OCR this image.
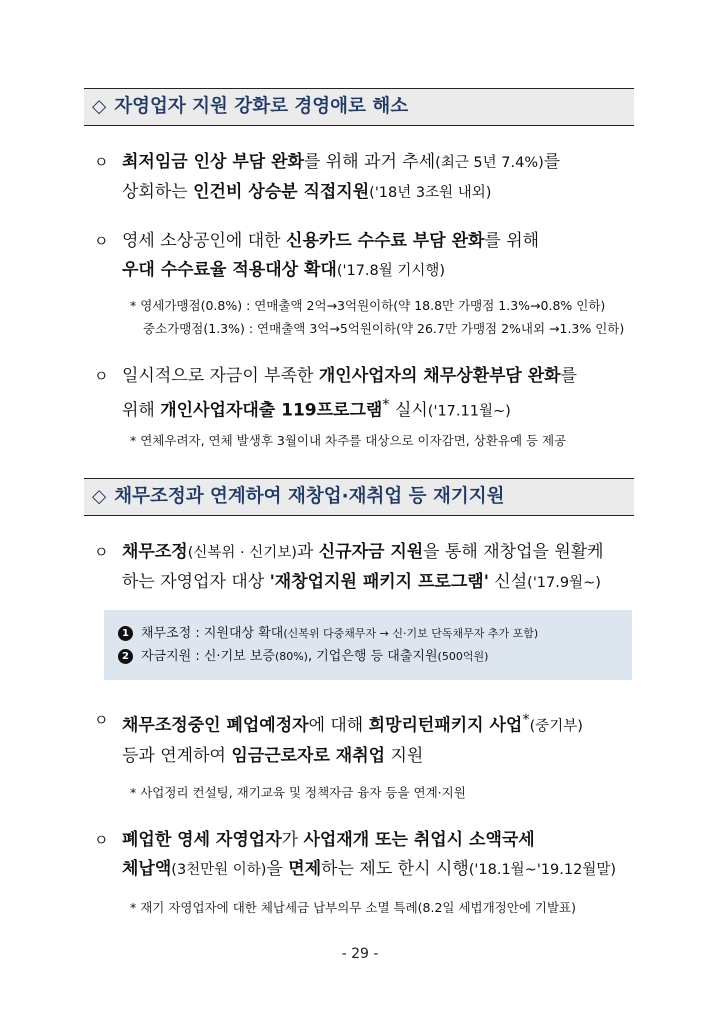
◇ 자영업자 지원 강화로 경영애로 해소
ㅇ 최저임금 인상 부담 완화를 위해 과거 추세(최근 5년 7.4%)를
상회하는 인건비 상승분 직접지원('18년 3조원 내외)
ㅇ 영세 소상공인에 대한 신용카드 수수료 부담 완화를 위해
우대 수수료율 적용대상 확대('17.8월 기시행)
* 영세가맹점(0.8%) : 연매출액 2억→3억원이하(약 18.8만 가맹점 1.3%→0.8% 인하)
중소가맹점(1.3%) : 연매출액 3억→5억원이하(약 26.7만 가맹점 2%내외 →1.3% 인하)
ㅇ 일시적으로 자금이 부족한 개인사업자의 채무상환부담 완화를
위해 개인사업자대출 119프로그램* 실시('17.11월~)
* 연체우려자, 연체 발생후 3월이내 차주를 대상으로 이자감면, 상환유예 등 제공
◇ 채무조정과 연계하여 재창업·재취업 등 재기지원
ㅇ 채무조정(신복위 · 신기보)과 신규자금 지원을 통해 재창업을 원활케
하는 자영업자 대상 '재창업지원 패키지 프로그램' 신설('17.9월~)
1 채무조정 : 지원대상 확대(신복위 다중채무자 → 신·기보 단독채무자 추가 포함)
2 자금지원 : 신·기보 보증(80%), 기업은행 등 대출지원(500억원)
ㅇ 채무조정중인 폐업예정자에 대해 희망리턴패키지 사업*(중기부)
등과 연계하여 임금근로자로 재취업 지원
* 사업정리 컨설팅, 재기교육 및 정책자금 융자 등을 연계·지원
ㅇ 폐업한 영세 자영업자가 사업재개 또는 취업시 소액국세
체납액(3천만원 이하)을 면제하는 제도 한시 시행('18.1월~'19.12월말)
* 재기 자영업자에 대한 체납세금 납부의무 소멸 특례(8.2일 세법개정안에 기발표)
- 29 -
